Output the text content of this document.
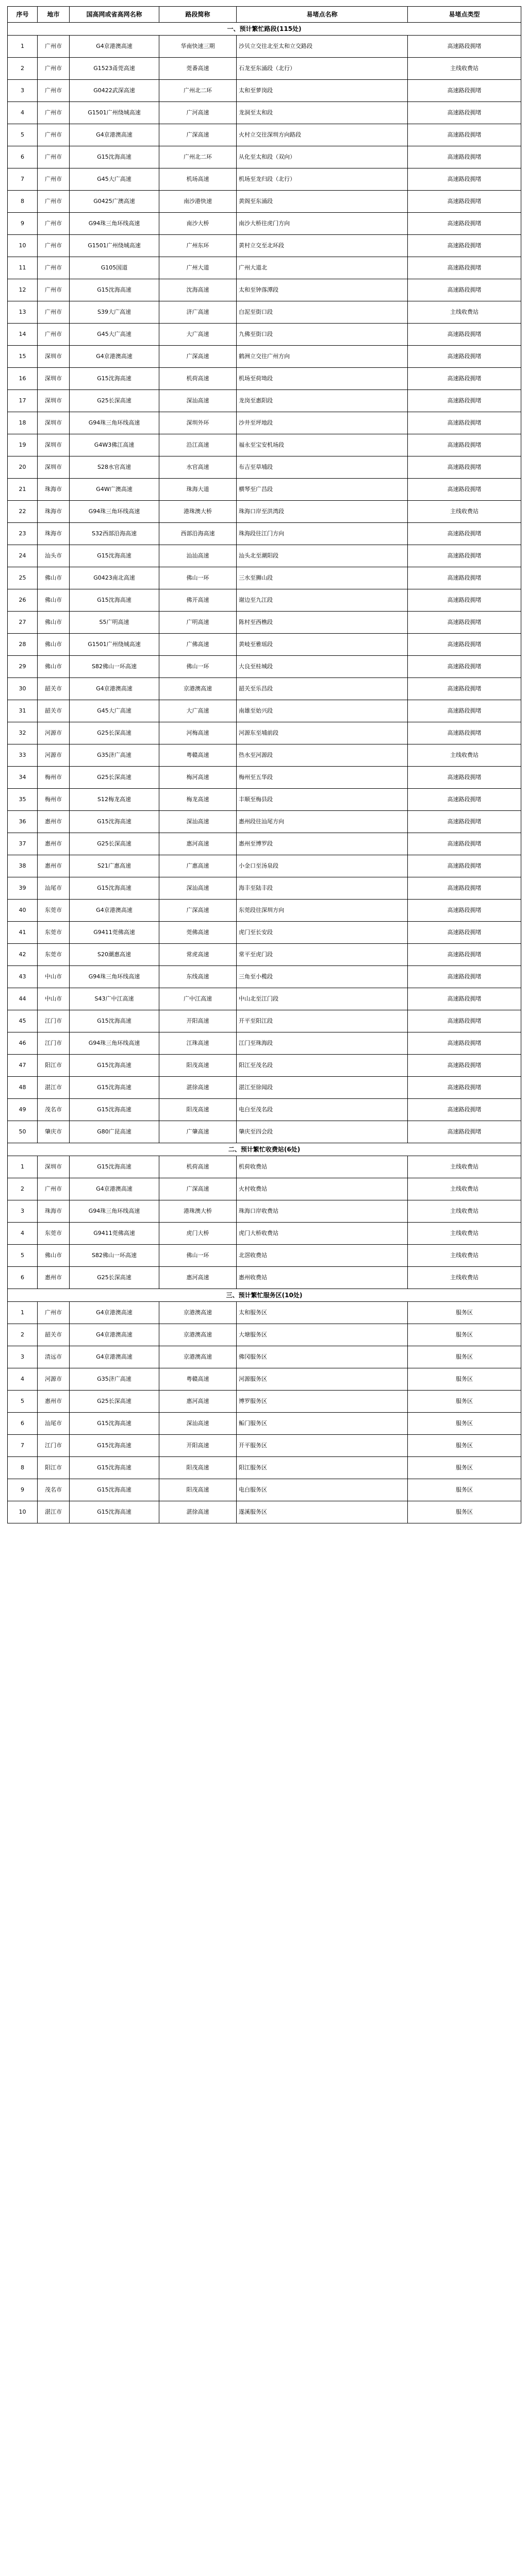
序号	地市	国高网或省高网名称	路段简称	易堵点名称	易堵点类型
一、预计繁忙路段(115处)					
1	广州市	G4京港澳高速	华南快速三期	沙贝立交往北至太和立交路段	高速路段拥堵
2	广州市	G1523甬莞高速	莞番高速	石龙至东涌段（北行）	主线收费站
3	广州市	G0422武深高速	广州北二环	太和至萝岗段	高速路段拥堵
4	广州市	G1501广州绕城高速	广河高速	龙洞至太和段	高速路段拥堵
5	广州市	G4京港澳高速	广深高速	火村立交往深圳方向路段	高速路段拥堵
6	广州市	G15沈海高速	广州北二环	从化至太和段（双向）	高速路段拥堵
7	广州市	G45大广高速	机场高速	机场至龙归段（北行）	高速路段拥堵
8	广州市	G0425广澳高速	南沙港快速	黄阁至东涌段	高速路段拥堵
9	广州市	G94珠三角环线高速	南沙大桥	南沙大桥往虎门方向	高速路段拥堵
10	广州市	G1501广州绕城高速	广州东环	黄村立交至北环段	高速路段拥堵
11	广州市	G105国道	广州大道	广州大道北	高速路段拥堵
12	广州市	G15沈海高速	沈海高速	太和至钟落潭段	高速路段拥堵
13	广州市	S39大广高速	济广高速	白泥至街口段	主线收费站
14	广州市	G45大广高速	大广高速	九佛至街口段	高速路段拥堵
15	深圳市	G4京港澳高速	广深高速	鹤洲立交往广州方向	高速路段拥堵
16	深圳市	G15沈海高速	机荷高速	机场至荷坳段	高速路段拥堵
17	深圳市	G25长深高速	深汕高速	龙岗至惠阳段	高速路段拥堵
18	深圳市	G94珠三角环线高速	深圳外环	沙井至坪地段	高速路段拥堵
19	深圳市	G4W3佛江高速	沿江高速	福永至宝安机场段	高速路段拥堵
20	深圳市	S28水官高速	水官高速	布吉至草埔段	高速路段拥堵
21	珠海市	G4W广澳高速	珠海大道	横琴至广昌段	高速路段拥堵
22	珠海市	G94珠三角环线高速	港珠澳大桥	珠海口岸至洪湾段	主线收费站
23	珠海市	S32西部沿海高速	西部沿海高速	珠海段往江门方向	高速路段拥堵
24	汕头市	G15沈海高速	汕汕高速	汕头北至潮阳段	高速路段拥堵
25	佛山市	G0423南北高速	佛山一环	三水至狮山段	高速路段拥堵
26	佛山市	G15沈海高速	佛开高速	谢边至九江段	高速路段拥堵
27	佛山市	S5广明高速	广明高速	陈村至西樵段	高速路段拥堵
28	佛山市	G1501广州绕城高速	广佛高速	黄岐至雅瑶段	高速路段拥堵
29	佛山市	S82佛山一环高速	佛山一环	大良至桂城段	高速路段拥堵
30	韶关市	G4京港澳高速	京港澳高速	韶关至乐昌段	高速路段拥堵
31	韶关市	G45大广高速	大广高速	南雄至始兴段	高速路段拥堵
32	河源市	G25长深高速	河梅高速	河源东至埔前段	高速路段拥堵
33	河源市	G35济广高速	粤赣高速	热水至河源段	主线收费站
34	梅州市	G25长深高速	梅河高速	梅州至五华段	高速路段拥堵
35	梅州市	S12梅龙高速	梅龙高速	丰顺至梅县段	高速路段拥堵
36	惠州市	G15沈海高速	深汕高速	惠州段往汕尾方向	高速路段拥堵
37	惠州市	G25长深高速	惠河高速	惠州至博罗段	高速路段拥堵
38	惠州市	S21广惠高速	广惠高速	小金口至汤泉段	高速路段拥堵
39	汕尾市	G15沈海高速	深汕高速	海丰至陆丰段	高速路段拥堵
40	东莞市	G4京港澳高速	广深高速	东莞段往深圳方向	高速路段拥堵
41	东莞市	G9411莞佛高速	莞佛高速	虎门至长安段	高速路段拥堵
42	东莞市	S20潮惠高速	常虎高速	常平至虎门段	高速路段拥堵
43	中山市	G94珠三角环线高速	东线高速	三角至小榄段	高速路段拥堵
44	中山市	S43广中江高速	广中江高速	中山北至江门段	高速路段拥堵
45	江门市	G15沈海高速	开阳高速	开平至阳江段	高速路段拥堵
46	江门市	G94珠三角环线高速	江珠高速	江门至珠海段	高速路段拥堵
47	阳江市	G15沈海高速	阳茂高速	阳江至茂名段	高速路段拥堵
48	湛江市	G15沈海高速	湛徐高速	湛江至徐闻段	高速路段拥堵
49	茂名市	G15沈海高速	阳茂高速	电白至茂名段	高速路段拥堵
50	肇庆市	G80广昆高速	广肇高速	肇庆至四会段	高速路段拥堵
二、预计繁忙收费站(6处)					
1	深圳市	G15沈海高速	机荷高速	机荷收费站	主线收费站
2	广州市	G4京港澳高速	广深高速	火村收费站	主线收费站
3	珠海市	G94珠三角环线高速	港珠澳大桥	珠海口岸收费站	主线收费站
4	东莞市	G9411莞佛高速	虎门大桥	虎门大桥收费站	主线收费站
5	佛山市	S82佛山一环高速	佛山一环	北滘收费站	主线收费站
6	惠州市	G25长深高速	惠河高速	惠州收费站	主线收费站
三、预计繁忙服务区(10处)					
1	广州市	G4京港澳高速	京港澳高速	太和服务区	服务区
2	韶关市	G4京港澳高速	京港澳高速	大塘服务区	服务区
3	清远市	G4京港澳高速	京港澳高速	佛冈服务区	服务区
4	河源市	G35济广高速	粤赣高速	河源服务区	服务区
5	惠州市	G25长深高速	惠河高速	博罗服务区	服务区
6	汕尾市	G15沈海高速	深汕高速	鲘门服务区	服务区
7	江门市	G15沈海高速	开阳高速	开平服务区	服务区
8	阳江市	G15沈海高速	阳茂高速	阳江服务区	服务区
9	茂名市	G15沈海高速	阳茂高速	电白服务区	服务区
10	湛江市	G15沈海高速	湛徐高速	遂溪服务区	服务区
